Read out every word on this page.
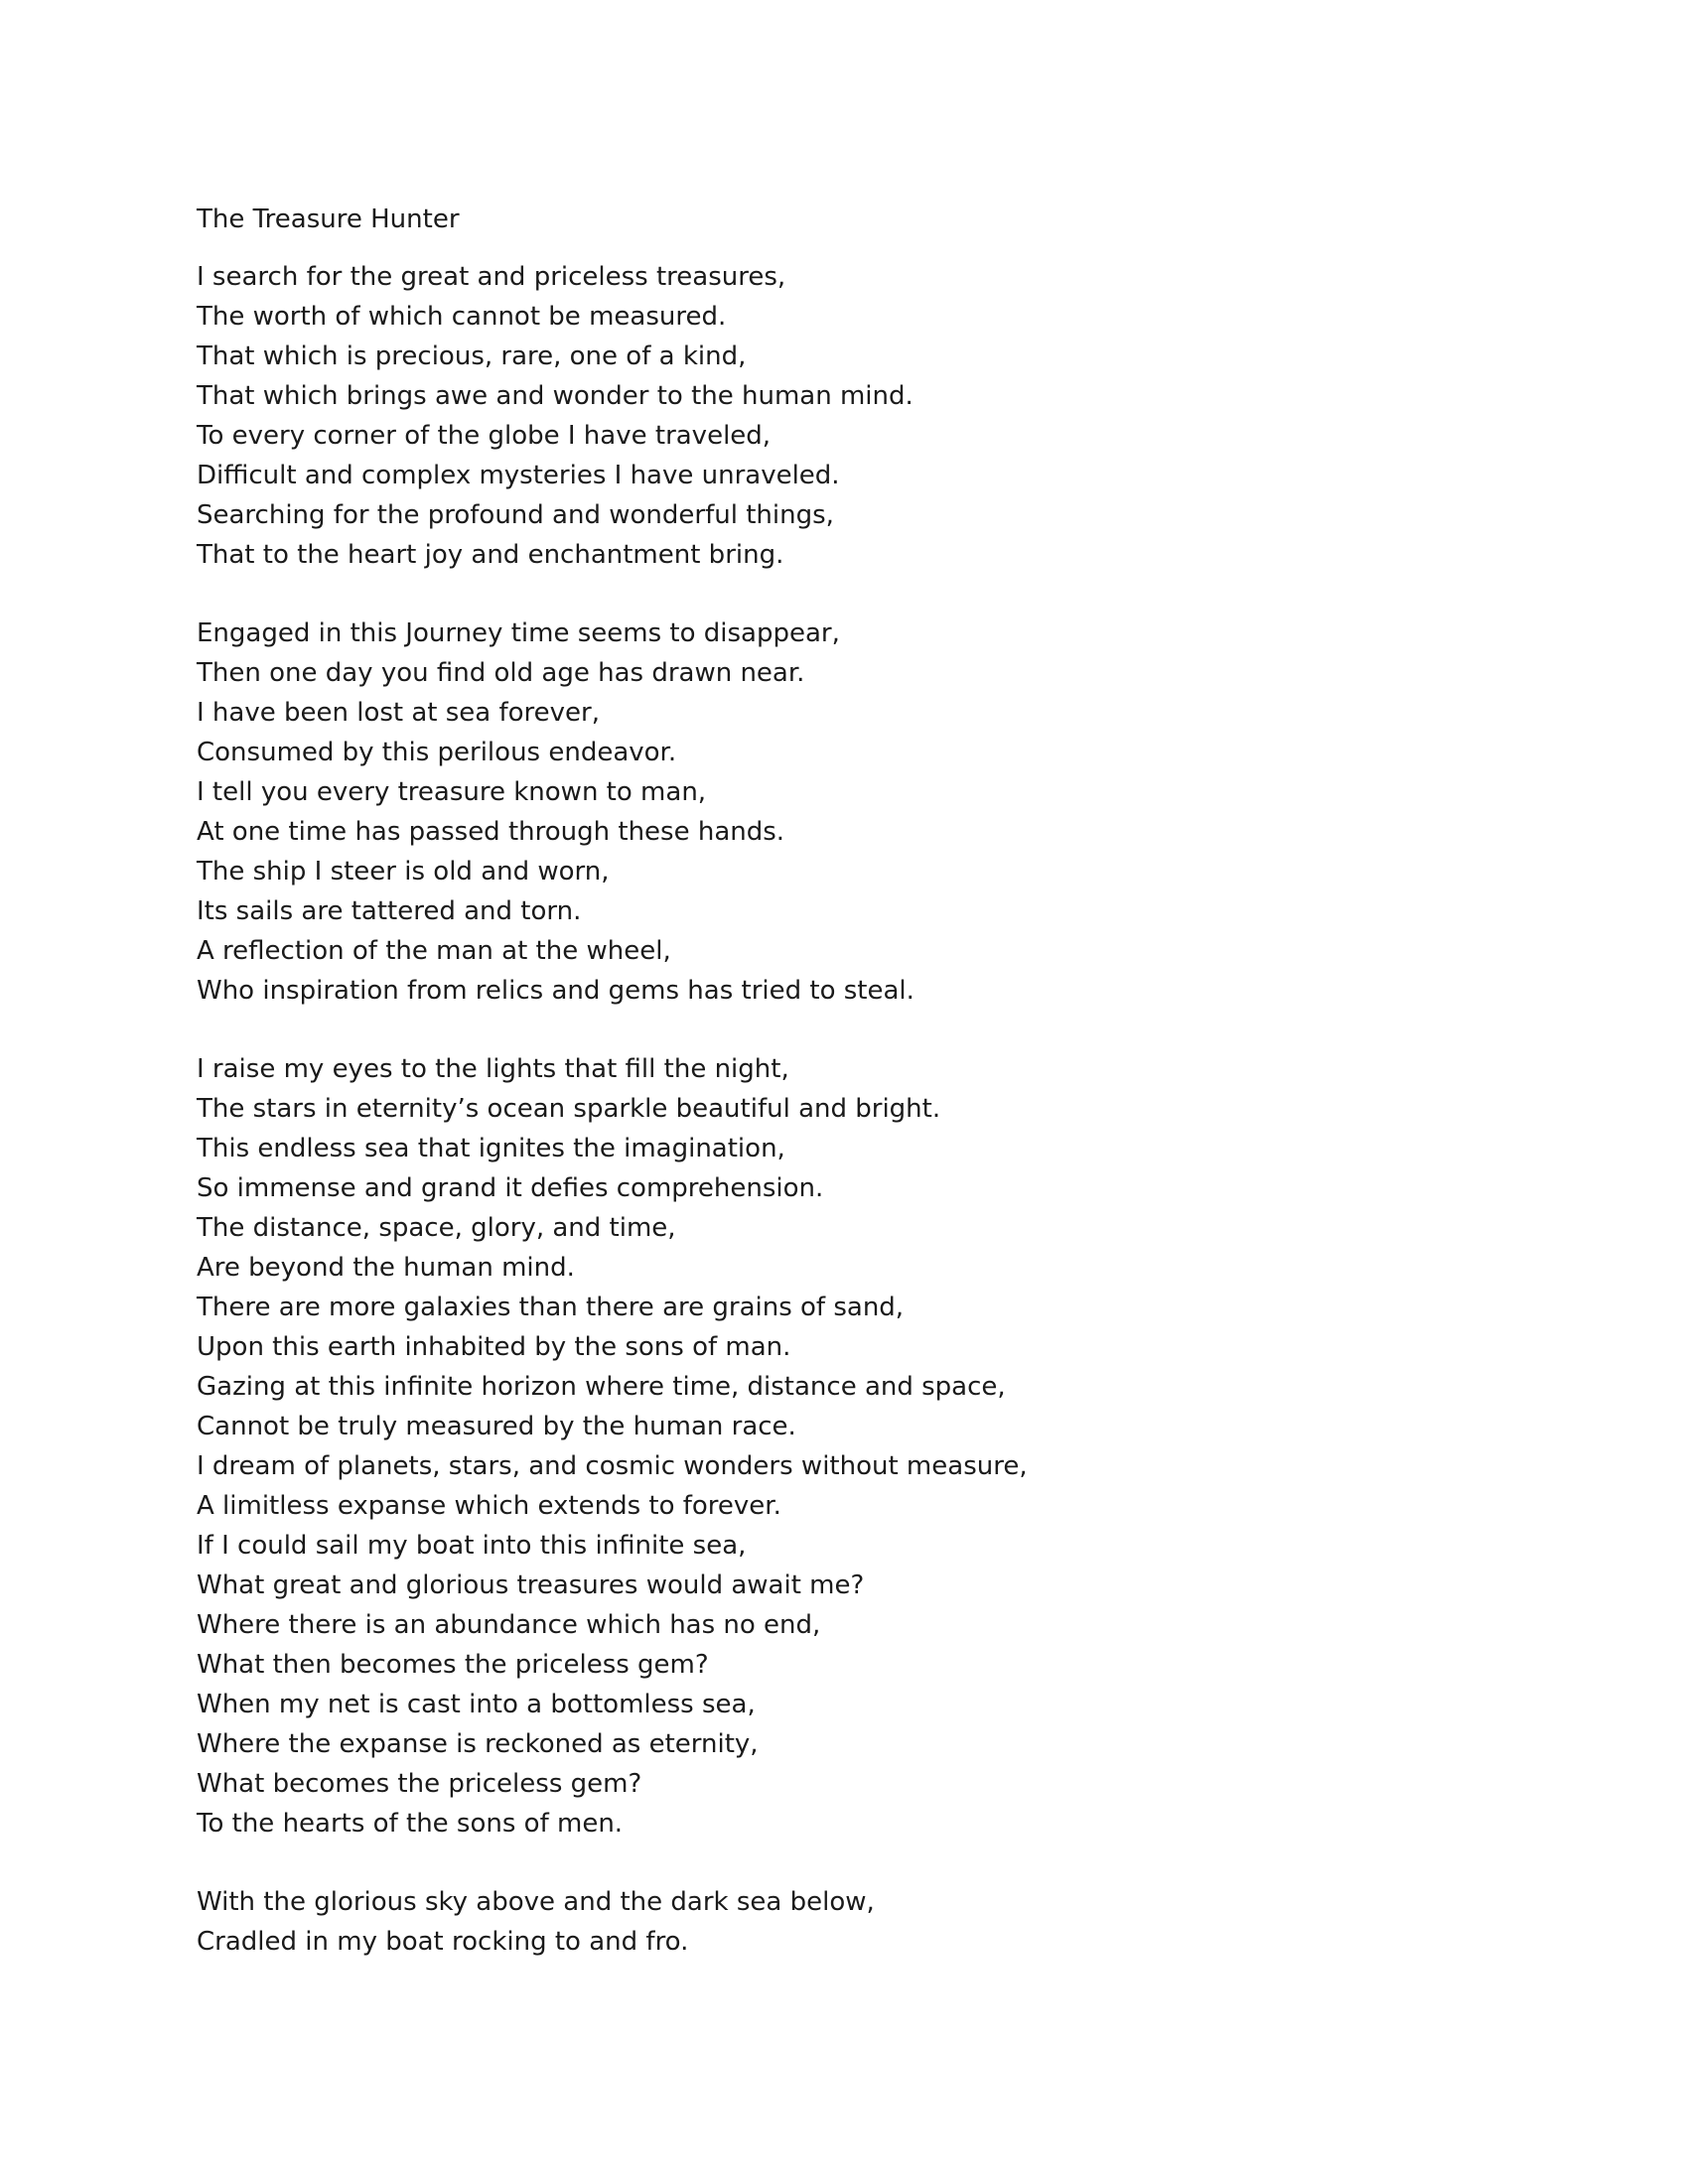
The Treasure Hunter
I search for the great and priceless treasures,
The worth of which cannot be measured.
That which is precious, rare, one of a kind,
That which brings awe and wonder to the human mind.
To every corner of the globe I have traveled,
Difficult and complex mysteries I have unraveled.
Searching for the profound and wonderful things,
That to the heart joy and enchantment bring.
Engaged in this Journey time seems to disappear,
Then one day you find old age has drawn near.
I have been lost at sea forever,
Consumed by this perilous endeavor.
I tell you every treasure known to man,
At one time has passed through these hands.
The ship I steer is old and worn,
Its sails are tattered and torn.
A reflection of the man at the wheel,
Who inspiration from relics and gems has tried to steal.
I raise my eyes to the lights that fill the night,
The stars in eternity’s ocean sparkle beautiful and bright.
This endless sea that ignites the imagination,
So immense and grand it defies comprehension.
The distance, space, glory, and time,
Are beyond the human mind.
There are more galaxies than there are grains of sand,
Upon this earth inhabited by the sons of man.
Gazing at this infinite horizon where time, distance and space,
Cannot be truly measured by the human race.
I dream of planets, stars, and cosmic wonders without measure,
A limitless expanse which extends to forever.
If I could sail my boat into this infinite sea,
What great and glorious treasures would await me?
Where there is an abundance which has no end,
What then becomes the priceless gem?
When my net is cast into a bottomless sea,
Where the expanse is reckoned as eternity,
What becomes the priceless gem?
To the hearts of the sons of men.
With the glorious sky above and the dark sea below,
Cradled in my boat rocking to and fro.
